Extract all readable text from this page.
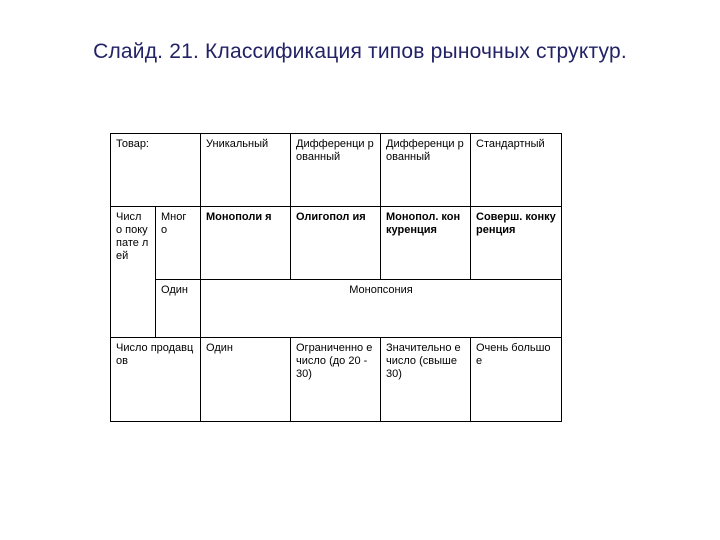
Слайд. 21. Классификация типов рыночных структур.
Товар:		Уникальный	Дифференци рованный	Дифференци рованный	Стандартный
Числ о поку пате лей	Мног о	Монополи я	Олигопол ия	Монопол. конкуренция	Соверш. конкуренция
	Один	Монопсония			
Число продавцов		Один	Ограниченно е число (до 20 - 30)	Значительно е число (свыше 30)	Очень большое
